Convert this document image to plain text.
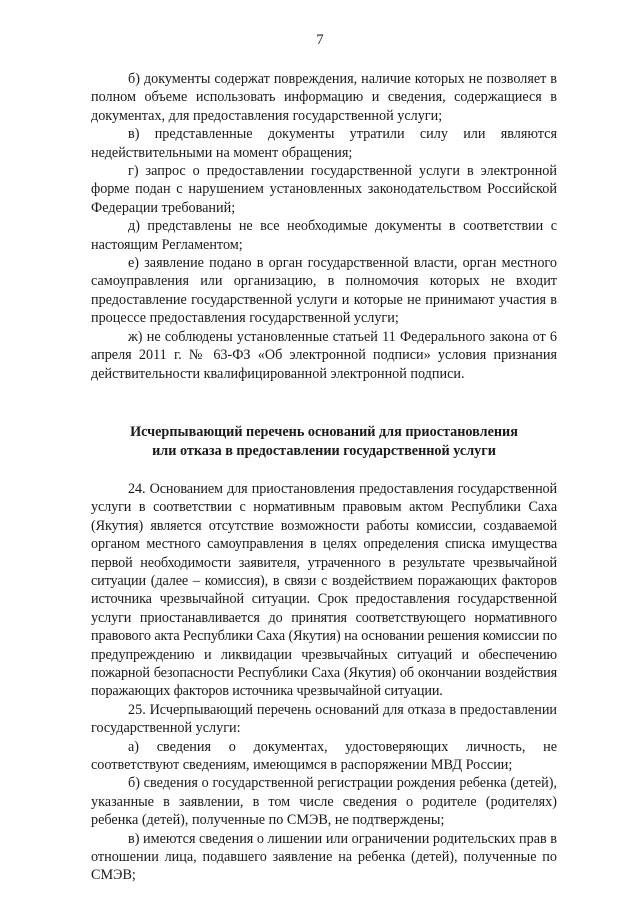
7

б) документы содержат повреждения, наличие которых не позволяет в полном объеме использовать информацию и сведения, содержащиеся в документах, для предоставления государственной услуги;

в) представленные документы утратили силу или являются недействительными на момент обращения;

г) запрос о предоставлении государственной услуги в электронной форме подан с нарушением установленных законодательством Российской Федерации требований;

д) представлены не все необходимые документы в соответствии с настоящим Регламентом;

е) заявление подано в орган государственной власти, орган местного самоуправления или организацию, в полномочия которых не входит предоставление государственной услуги и которые не принимают участия в процессе предоставления государственной услуги;

ж) не соблюдены установленные статьей 11 Федерального закона от 6 апреля 2011 г. № 63-ФЗ «Об электронной подписи» условия признания действительности квалифицированной электронной подписи.

Исчерпывающий перечень оснований для приостановления
или отказа в предоставлении государственной услуги

24. Основанием для приостановления предоставления государственной услуги в соответствии с нормативным правовым актом Республики Саха (Якутия) является отсутствие возможности работы комиссии, создаваемой органом местного самоуправления в целях определения списка имущества первой необходимости заявителя, утраченного в результате чрезвычайной ситуации (далее – комиссия), в связи с воздействием поражающих факторов источника чрезвычайной ситуации. Срок предоставления государственной услуги приостанавливается до принятия соответствующего нормативного правового акта Республики Саха (Якутия) на основании решения комиссии по предупреждению и ликвидации чрезвычайных ситуаций и обеспечению пожарной безопасности Республики Саха (Якутия) об окончании воздействия поражающих факторов источника чрезвычайной ситуации.

25. Исчерпывающий перечень оснований для отказа в предоставлении государственной услуги:

а) сведения о документах, удостоверяющих личность, не соответствуют сведениям, имеющимся в распоряжении МВД России;

б) сведения о государственной регистрации рождения ребенка (детей), указанные в заявлении, в том числе сведения о родителе (родителях) ребенка (детей), полученные по СМЭВ, не подтверждены;

в) имеются сведения о лишении или ограничении родительских прав в отношении лица, подавшего заявление на ребенка (детей), полученные по СМЭВ;
